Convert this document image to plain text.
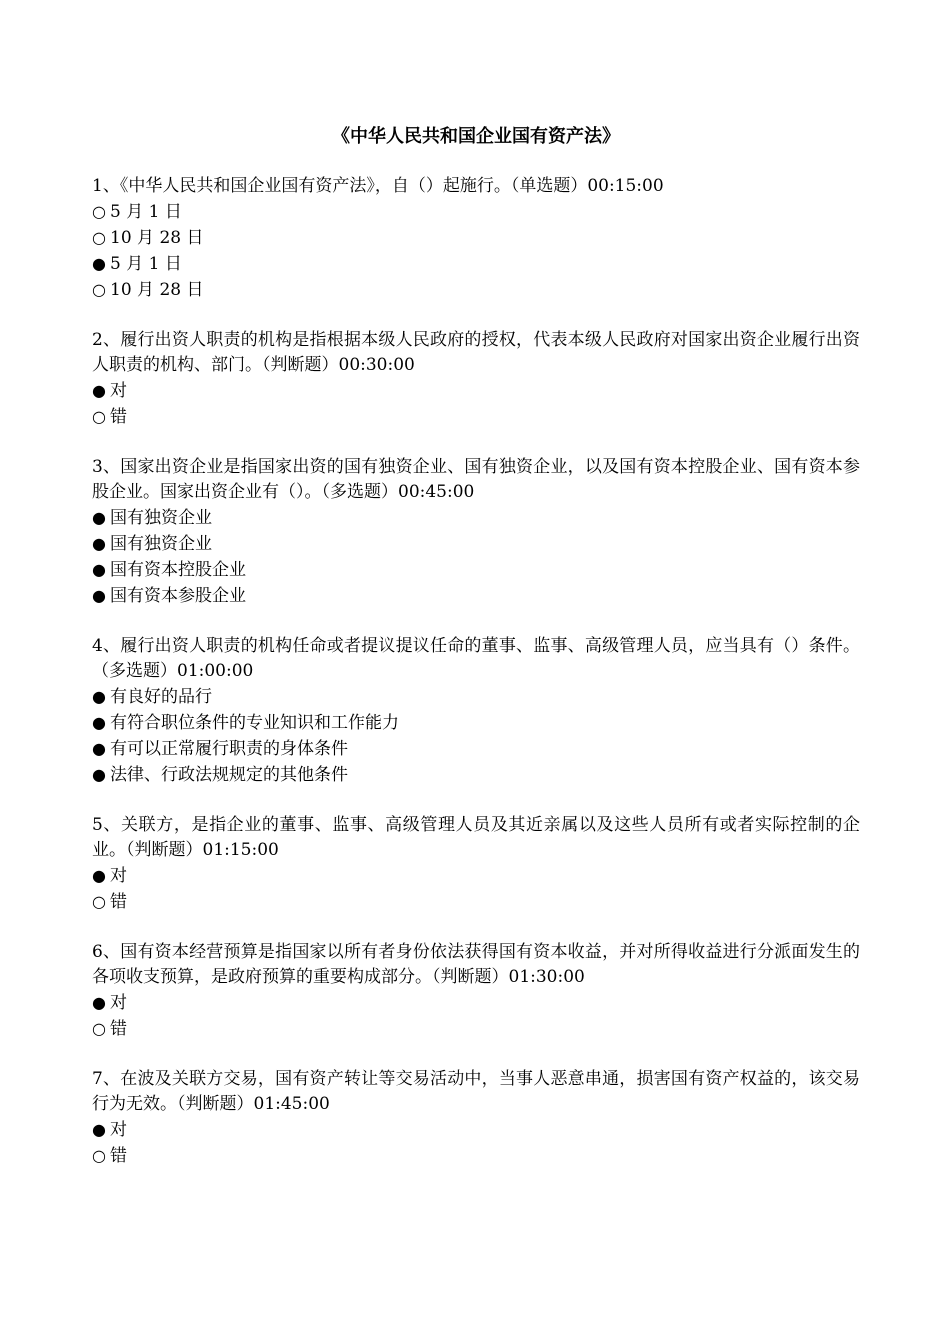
《中华人民共和国企业国有资产法》

1、《中华人民共和国企业国有资产法》，自（）起施行。（单选题）00:15:00

○ 5 月 1 日
○ 10 月 28 日
● 5 月 1 日
○ 10 月 28 日

2、履行出资人职责的机构是指根据本级人民政府的授权，代表本级人民政府对国家出资企业履行出资人职责的机构、部门。（判断题）00:30:00

● 对
○ 错

3、国家出资企业是指国家出资的国有独资企业、国有独资企业，以及国有资本控股企业、国有资本参股企业。国家出资企业有（）。（多选题）00:45:00

● 国有独资企业
● 国有独资企业
● 国有资本控股企业
● 国有资本参股企业

4、履行出资人职责的机构任命或者提议提议任命的董事、监事、高级管理人员，应当具有（）条件。（多选题）01:00:00

● 有良好的品行
● 有符合职位条件的专业知识和工作能力
● 有可以正常履行职责的身体条件
● 法律、行政法规规定的其他条件

5、关联方，是指企业的董事、监事、高级管理人员及其近亲属以及这些人员所有或者实际控制的企业。（判断题）01:15:00

● 对
○ 错

6、国有资本经营预算是指国家以所有者身份依法获得国有资本收益，并对所得收益进行分派面发生的各项收支预算，是政府预算的重要构成部分。（判断题）01:30:00

● 对
○ 错

7、在波及关联方交易，国有资产转让等交易活动中，当事人恶意串通，损害国有资产权益的，该交易行为无效。（判断题）01:45:00

● 对
○ 错
